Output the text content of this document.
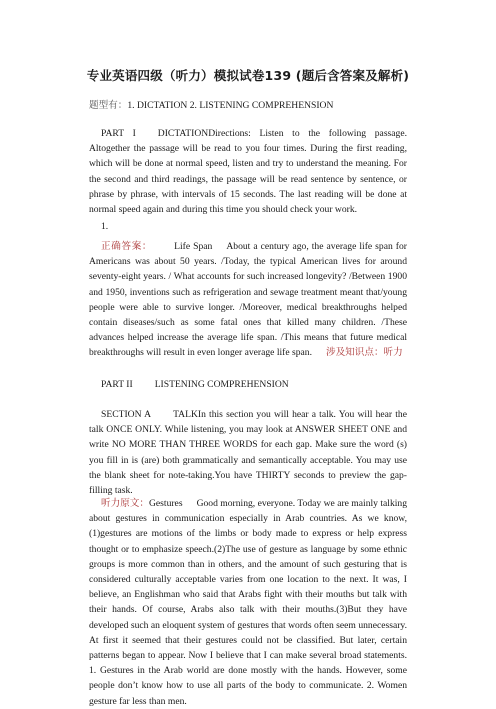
专业英语四级（听力）模拟试卷139 (题后含答案及解析)
题型有：1. DICTATION 2. LISTENING COMPREHENSION
PART I DICTATIONDirections: Listen to the following passage. Altogether the passage will be read to you four times. During the first reading, which will be done at normal speed, listen and try to understand the meaning. For the second and third readings, the passage will be read sentence by sentence, or phrase by phrase, with intervals of 15 seconds. The last reading will be done at normal speed again and during this time you should check your work.
1.
正确答案： Life Span About a century ago, the average life span for Americans was about 50 years. /Today, the typical American lives for around seventy-eight years. / What accounts for such increased longevity? /Between 1900 and 1950, inventions such as refrigeration and sewage treatment meant that/young people were able to survive longer. /Moreover, medical breakthroughs helped contain diseases/such as some fatal ones that killed many children. /These advances helped increase the average life span. /This means that future medical breakthroughs will result in even longer average life span. 涉及知识点：听力
PART II LISTENING COMPREHENSION
SECTION A TALKIn this section you will hear a talk. You will hear the talk ONCE ONLY. While listening, you may look at ANSWER SHEET ONE and write NO MORE THAN THREE WORDS for each gap. Make sure the word (s) you fill in is (are) both grammatically and semantically acceptable. You may use the blank sheet for note-taking.You have THIRTY seconds to preview the gap-filling task.
听力原文：Gestures Good morning, everyone. Today we are mainly talking about gestures in communication especially in Arab countries. As we know,(1)gestures are motions of the limbs or body made to express or help express thought or to emphasize speech.(2)The use of gesture as language by some ethnic groups is more common than in others, and the amount of such gesturing that is considered culturally acceptable varies from one location to the next. It was, I believe, an Englishman who said that Arabs fight with their mouths but talk with their hands. Of course, Arabs also talk with their mouths.(3)But they have developed such an eloquent system of gestures that words often seem unnecessary. At first it seemed that their gestures could not be classified. But later, certain patterns began to appear. Now I believe that I can make several broad statements. 1. Gestures in the Arab world are done mostly with the hands. However, some people don’t know how to use all parts of the body to communicate. 2. Women gesture far less than men.
